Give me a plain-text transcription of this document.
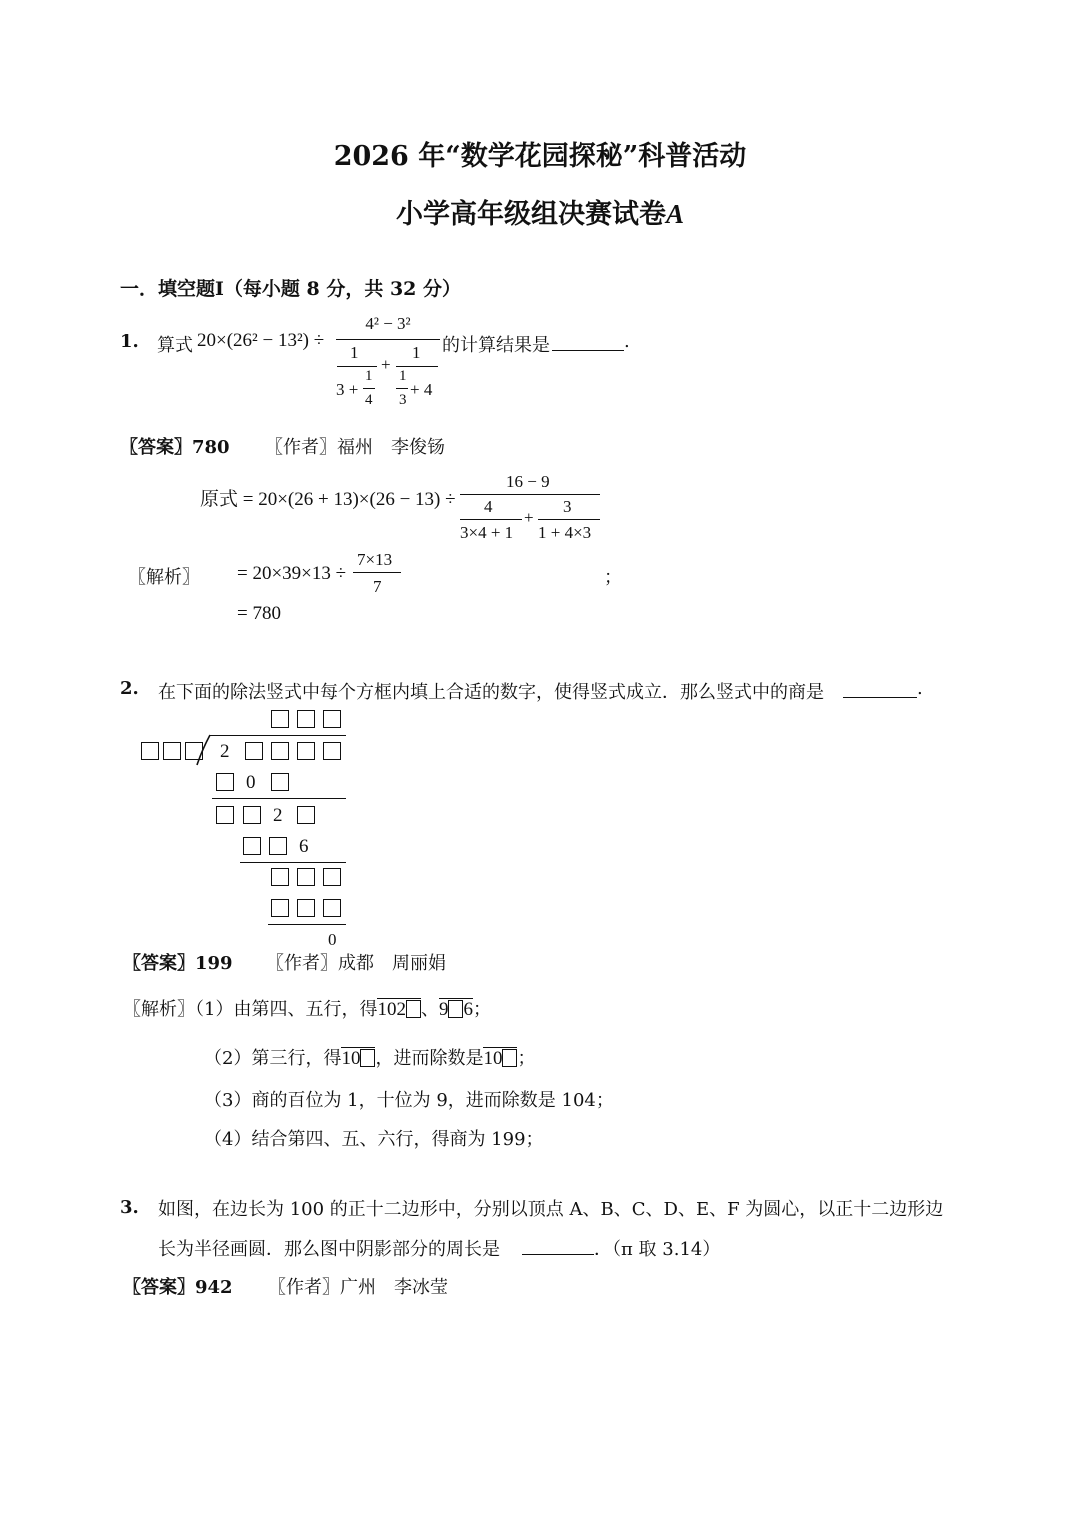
2026 年“数学花园探秘”科普活动
小学高年级组决赛试卷A
一．填空题Ⅰ（每小题 8 分，共 32 分）
1. 算式 20×(26² − 13²) ÷
4² − 3²
1
3 +
1
4
+
1
1
3
+ 4
的计算结果是	.
〖答案〗780 〖作者〗福州　李俊钖
原式 = 20×(26 + 13)×(26 − 13) ÷
16 − 9
4
3×4 + 1
+
3
1 + 4×3
〖解析〗 = 20×39×13 ÷
7×13
7	；
= 780
2. 在下面的除法竖式中每个方框内填上合适的数字，使得竖式成立．那么竖式中的商是	.
2
0
2
6
0
〖答案〗199 〖作者〗成都　周丽娟
〖解析〗（1）由第四、五行，得102 、9 6；
（2）第三行，得10 ，进而除数是10 ；
（3）商的百位为 1，十位为 9，进而除数是 104；
（4）结合第四、五、六行，得商为 199；
3. 如图，在边长为 100 的正十二边形中，分别以顶点 A、B、C、D、E、F 为圆心，以正十二边形边
长为半径画圆．那么图中阴影部分的周长是	．（π 取 3.14）
〖答案〗942 〖作者〗广州　李冰莹
